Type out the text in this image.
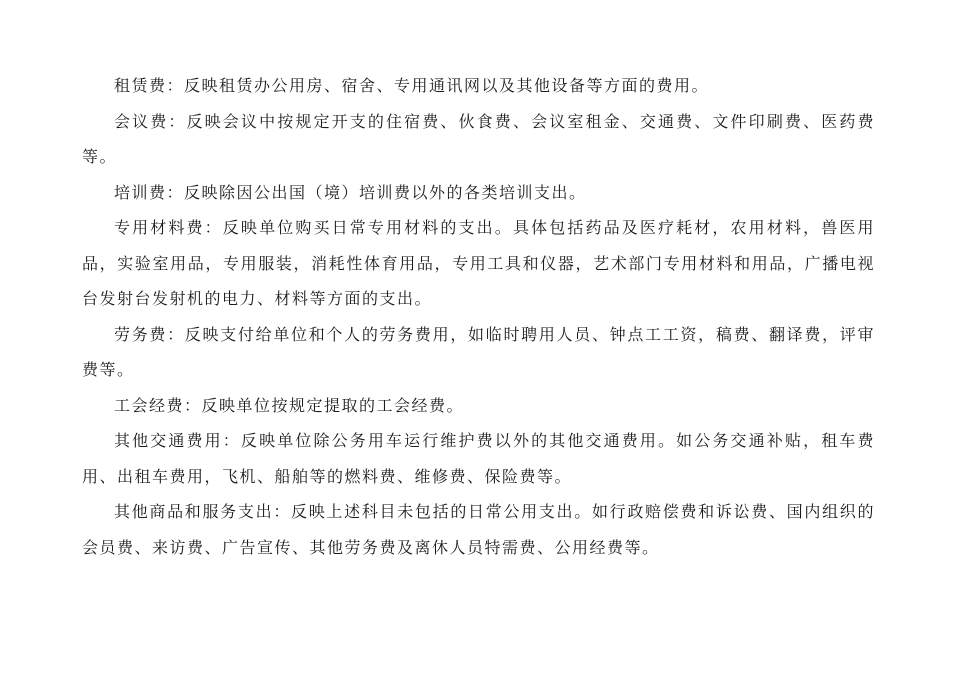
租赁费：反映租赁办公用房、宿舍、专用通讯网以及其他设备等方面的费用。

会议费：反映会议中按规定开支的住宿费、伙食费、会议室租金、交通费、文件印刷费、医药费等。

培训费：反映除因公出国（境）培训费以外的各类培训支出。

专用材料费：反映单位购买日常专用材料的支出。具体包括药品及医疗耗材，农用材料，兽医用品，实验室用品，专用服装，消耗性体育用品，专用工具和仪器，艺术部门专用材料和用品，广播电视台发射台发射机的电力、材料等方面的支出。

劳务费：反映支付给单位和个人的劳务费用，如临时聘用人员、钟点工工资，稿费、翻译费，评审费等。

工会经费：反映单位按规定提取的工会经费。

其他交通费用：反映单位除公务用车运行维护费以外的其他交通费用。如公务交通补贴，租车费用、出租车费用，飞机、船舶等的燃料费、维修费、保险费等。

其他商品和服务支出：反映上述科目未包括的日常公用支出。如行政赔偿费和诉讼费、国内组织的会员费、来访费、广告宣传、其他劳务费及离休人员特需费、公用经费等。
